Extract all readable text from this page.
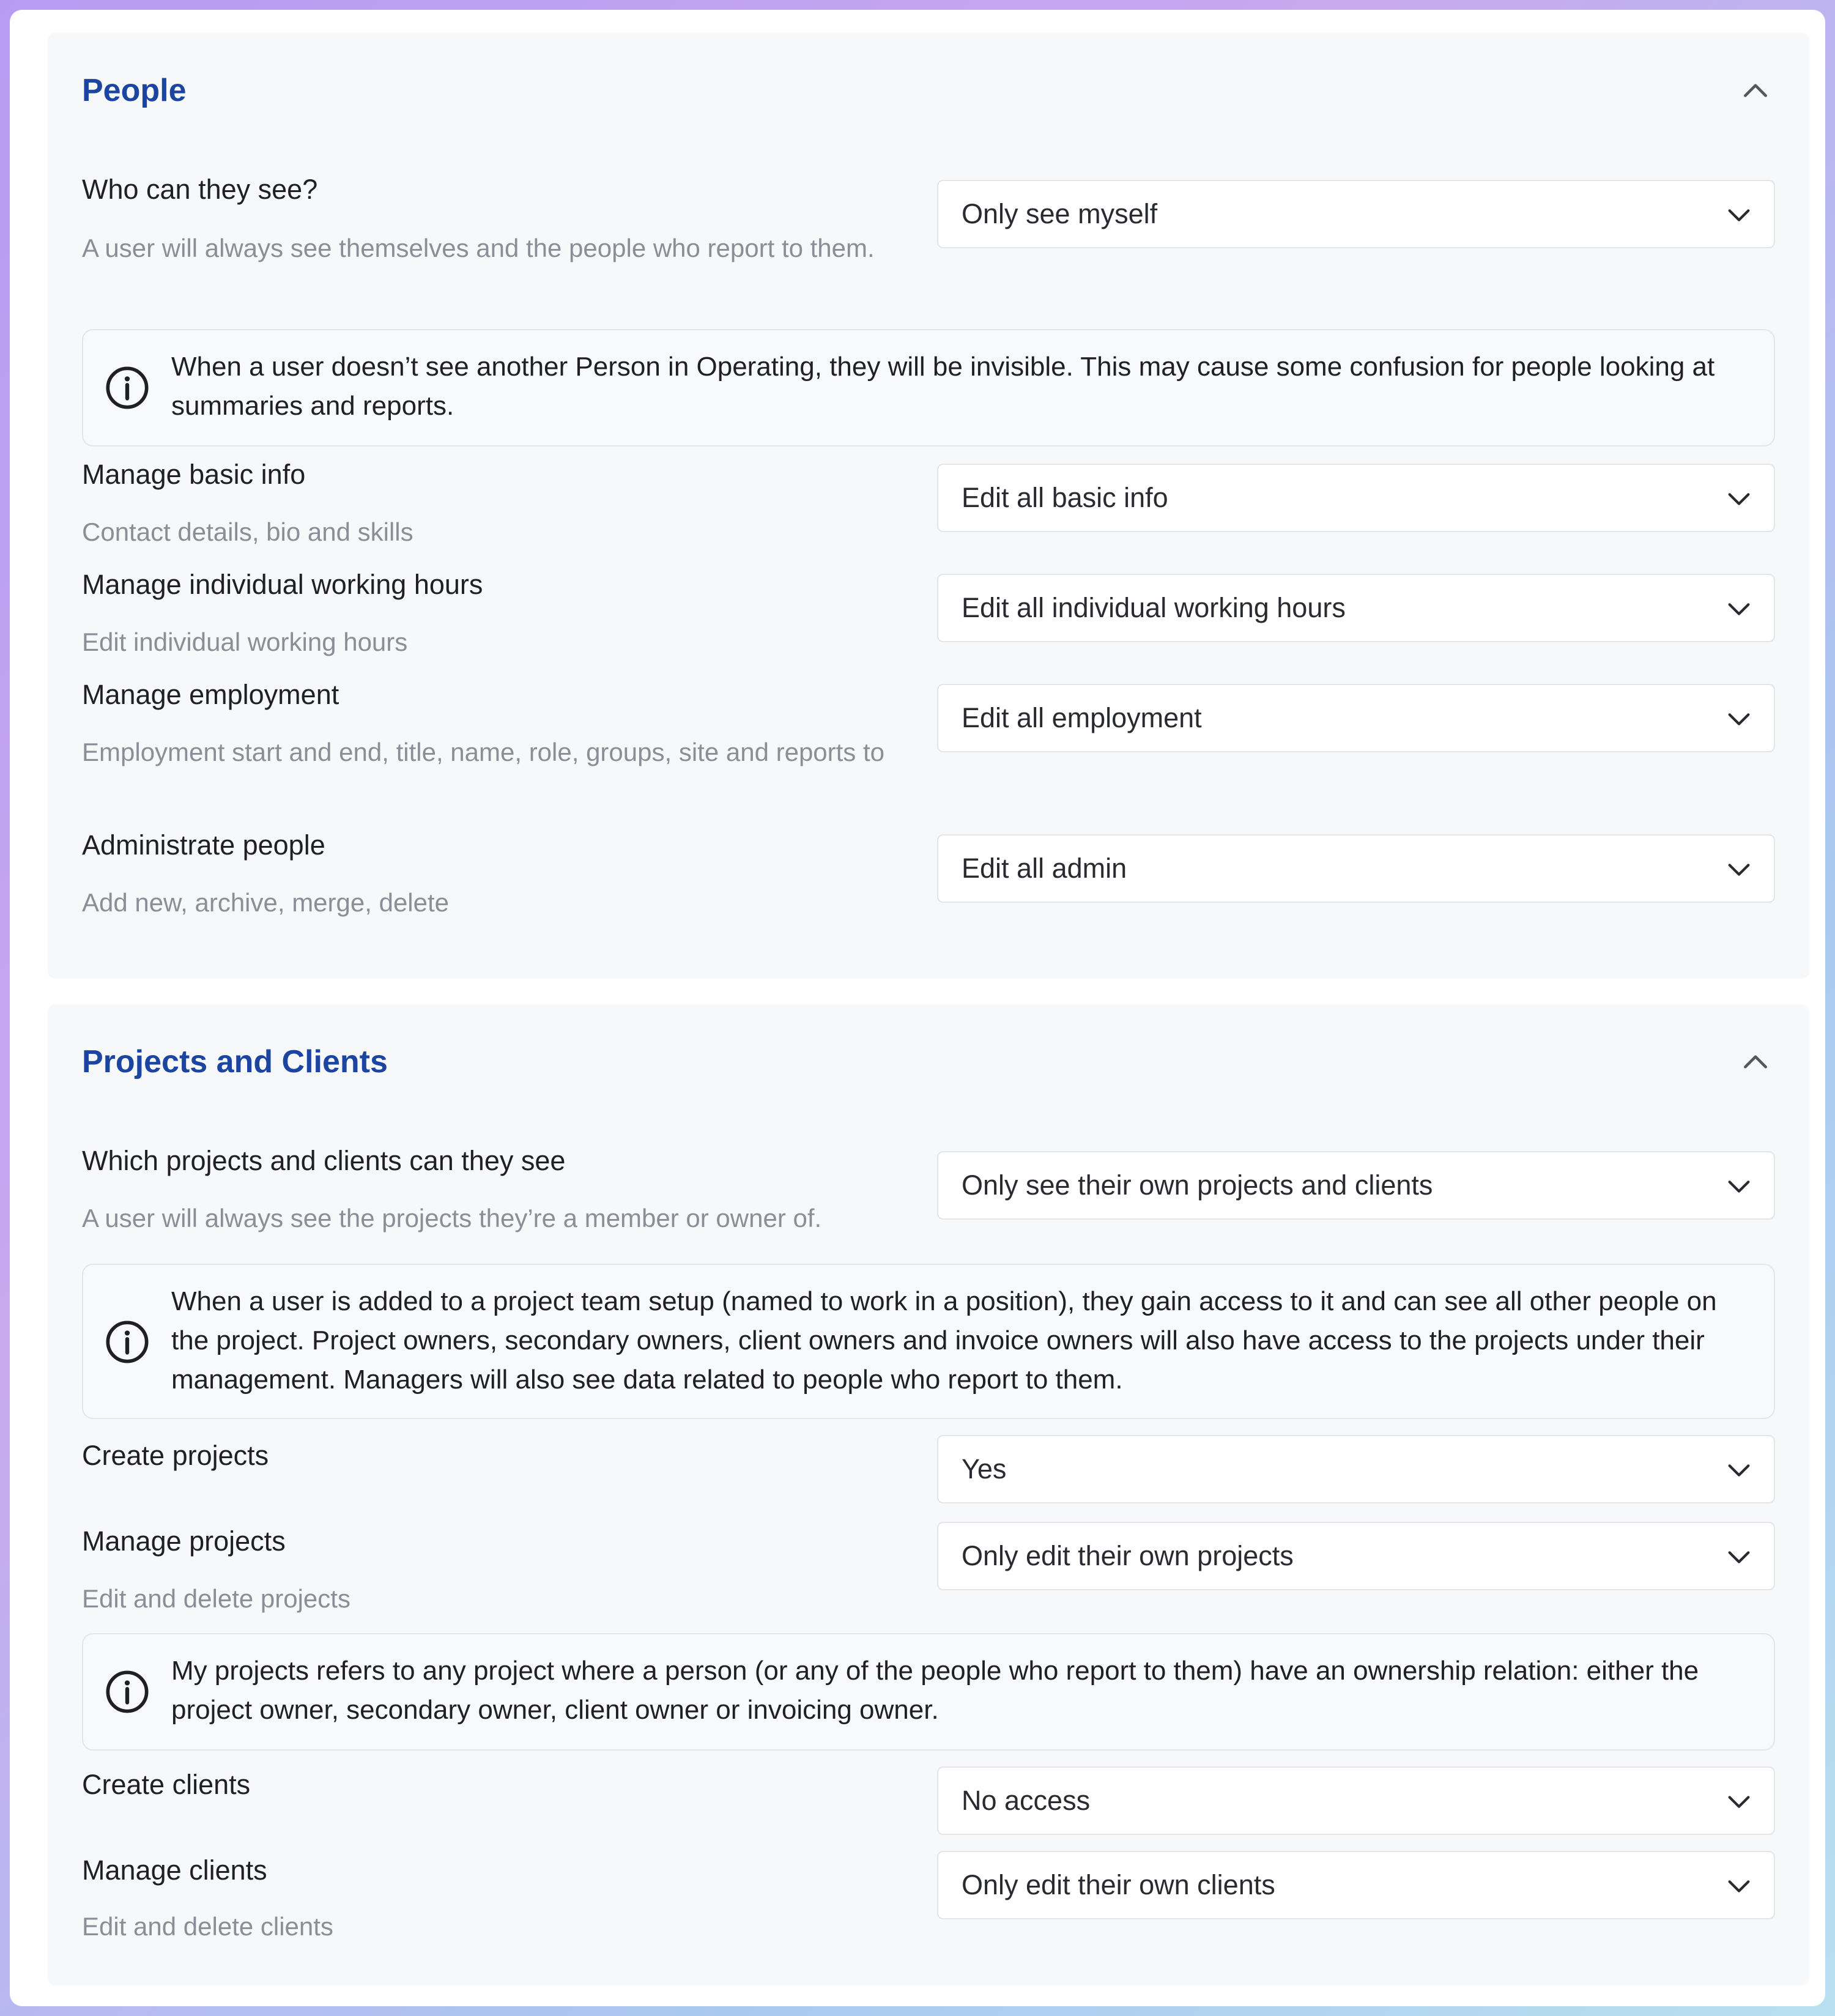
People
Who can they see?
A user will always see themselves and the people who report to them.
Only see myself
When a user doesn’t see another Person in Operating, they will be invisible. This may cause some confusion for people looking at summaries and reports.
Manage basic info
Contact details, bio and skills
Edit all basic info
Manage individual working hours
Edit individual working hours
Edit all individual working hours
Manage employment
Employment start and end, title, name, role, groups, site and reports to
Edit all employment
Administrate people
Add new, archive, merge, delete
Edit all admin
Projects and Clients
Which projects and clients can they see
A user will always see the projects they’re a member or owner of.
Only see their own projects and clients
When a user is added to a project team setup (named to work in a position), they gain access to it and can see all other people on the project. Project owners, secondary owners, client owners and invoice owners will also have access to the projects under their management. Managers will also see data related to people who report to them.
Create projects	Yes
Manage projects
Edit and delete projects
Only edit their own projects
My projects refers to any project where a person (or any of the people who report to them) have an ownership relation: either the project owner, secondary owner, client owner or invoicing owner.
Create clients
No access
Manage clients
Edit and delete clients
Only edit their own clients
